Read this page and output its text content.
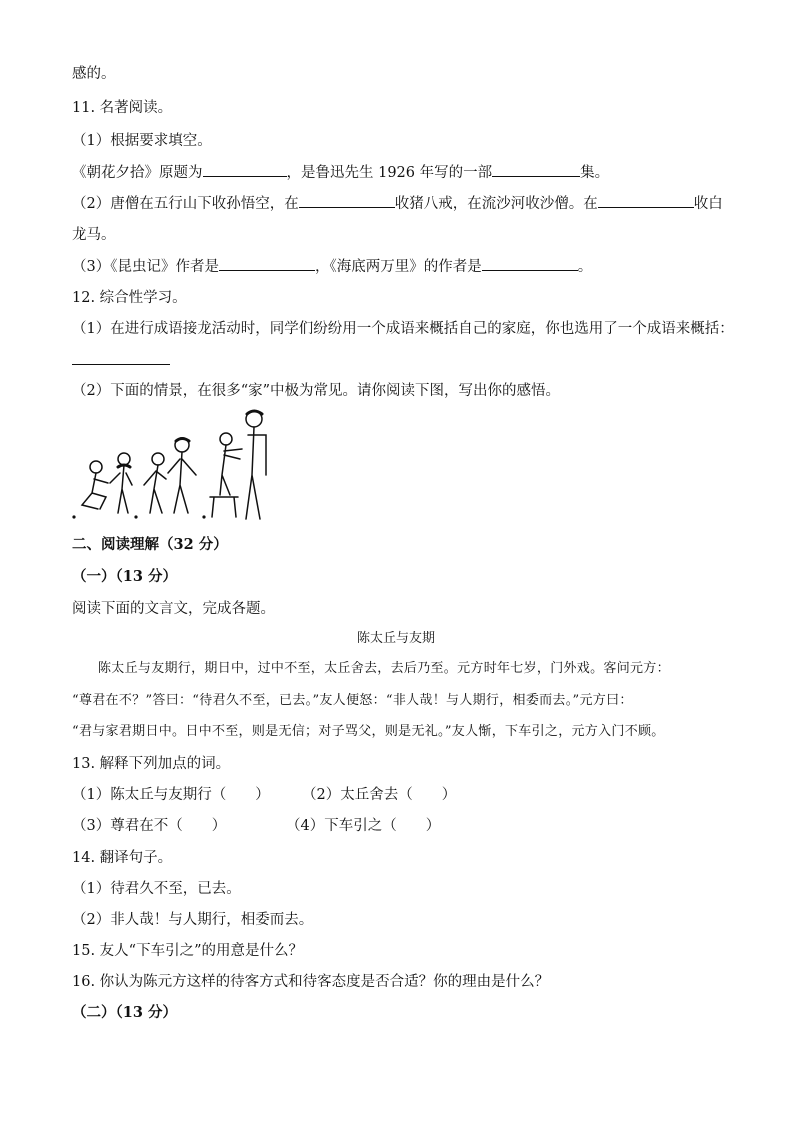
感的。
11. 名著阅读。
（1）根据要求填空。
《朝花夕拾》原题为	，是鲁迅先生 1926 年写的一部	集。
（2）唐僧在五行山下收孙悟空，在	收猪八戒，在流沙河收沙僧。在	收白
龙马。
（3）《昆虫记》作者是	，《海底两万里》的作者是	。
12. 综合性学习。
（1）在进行成语接龙活动时，同学们纷纷用一个成语来概括自己的家庭，你也选用了一个成语来概括：
（2）下面的情景，在很多“家”中极为常见。请你阅读下图，写出你的感悟。
二、阅读理解（32 分）
（一）（13 分）
阅读下面的文言文，完成各题。
陈太丘与友期
陈太丘与友期行，期日中，过中不至，太丘舍去，去后乃至。元方时年七岁，门外戏。客问元方：
“尊君在不？”答曰：“待君久不至，已去。”友人便怒：“非人哉！与人期行，相委而去。”元方曰：
“君与家君期日中。日中不至，则是无信；对子骂父，则是无礼。”友人惭，下车引之，元方入门不顾。
13. 解释下列加点的词。
（1）陈太丘与友期行（　　） （2）太丘舍去（　　）
（3）尊君在不（　　）	（4）下车引之（　　）
14. 翻译句子。
（1）待君久不至，已去。
（2）非人哉！与人期行，相委而去。
15. 友人“下车引之”的用意是什么？
16. 你认为陈元方这样的待客方式和待客态度是否合适？你的理由是什么？
（二）（13 分）
